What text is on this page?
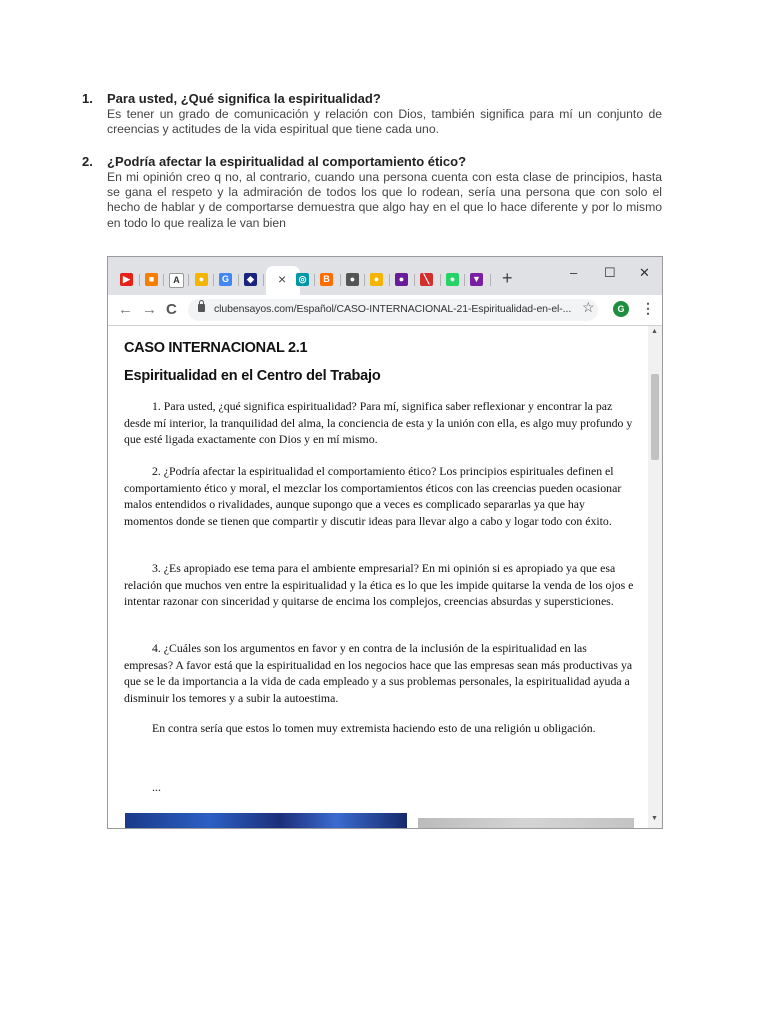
1. Para usted, ¿Qué significa la espiritualidad?
Es tener un grado de comunicación y relación con Dios, también significa para mí un conjunto de creencias y actitudes de la vida espiritual que tiene cada uno.
2. ¿Podría afectar la espiritualidad al comportamiento ético?
En mi opinión creo q no, al contrario, cuando una persona cuenta con esta clase de principios, hasta se gana el respeto y la admiración de todos los que lo rodean, sería una persona que con solo el hecho de hablar y de comportarse demuestra que algo hay en el que lo hace diferente y por lo mismo en todo lo que realiza le van bien
×
▶	■	A	●	G	◆	◎	B	●	●	●	╲	●	▼ +	– ☐ ✕
← → C	clubensayos.com/Español/CASO-INTERNACIONAL-21-Espiritualidad-en-el-... ☆	G	⋮
CASO INTERNACIONAL 2.1
Espiritualidad en el Centro del Trabajo
1. Para usted, ¿qué significa espiritualidad? Para mí, significa saber reflexionar y encontrar la paz desde mí interior, la tranquilidad del alma, la conciencia de esta y la unión con ella, es algo muy profundo y que esté ligada exactamente con Dios y en mí mismo.
2. ¿Podría afectar la espiritualidad el comportamiento ético? Los principios espirituales definen el comportamiento ético y moral, el mezclar los comportamientos éticos con las creencias pueden ocasionar malos entendidos o rivalidades, aunque supongo que a veces es complicado separarlas ya que hay momentos donde se tienen que compartir y discutir ideas para llevar algo a cabo y logar todo con éxito.
3. ¿Es apropiado ese tema para el ambiente empresarial? En mi opinión si es apropiado ya que esa relación que muchos ven entre la espiritualidad y la ética es lo que les impide quitarse la venda de los ojos e intentar razonar con sinceridad y quitarse de encima los complejos, creencias absurdas y supersticiones.
4. ¿Cuáles son los argumentos en favor y en contra de la inclusión de la espiritualidad en las empresas? A favor está que la espiritualidad en los negocios hace que las empresas sean más productivas ya que se le da importancia a la vida de cada empleado y a sus problemas personales, la espiritualidad ayuda a disminuir los temores y a subir la autoestima.
En contra sería que estos lo tomen muy extremista haciendo esto de una religión u obligación.
...
▲
▼
